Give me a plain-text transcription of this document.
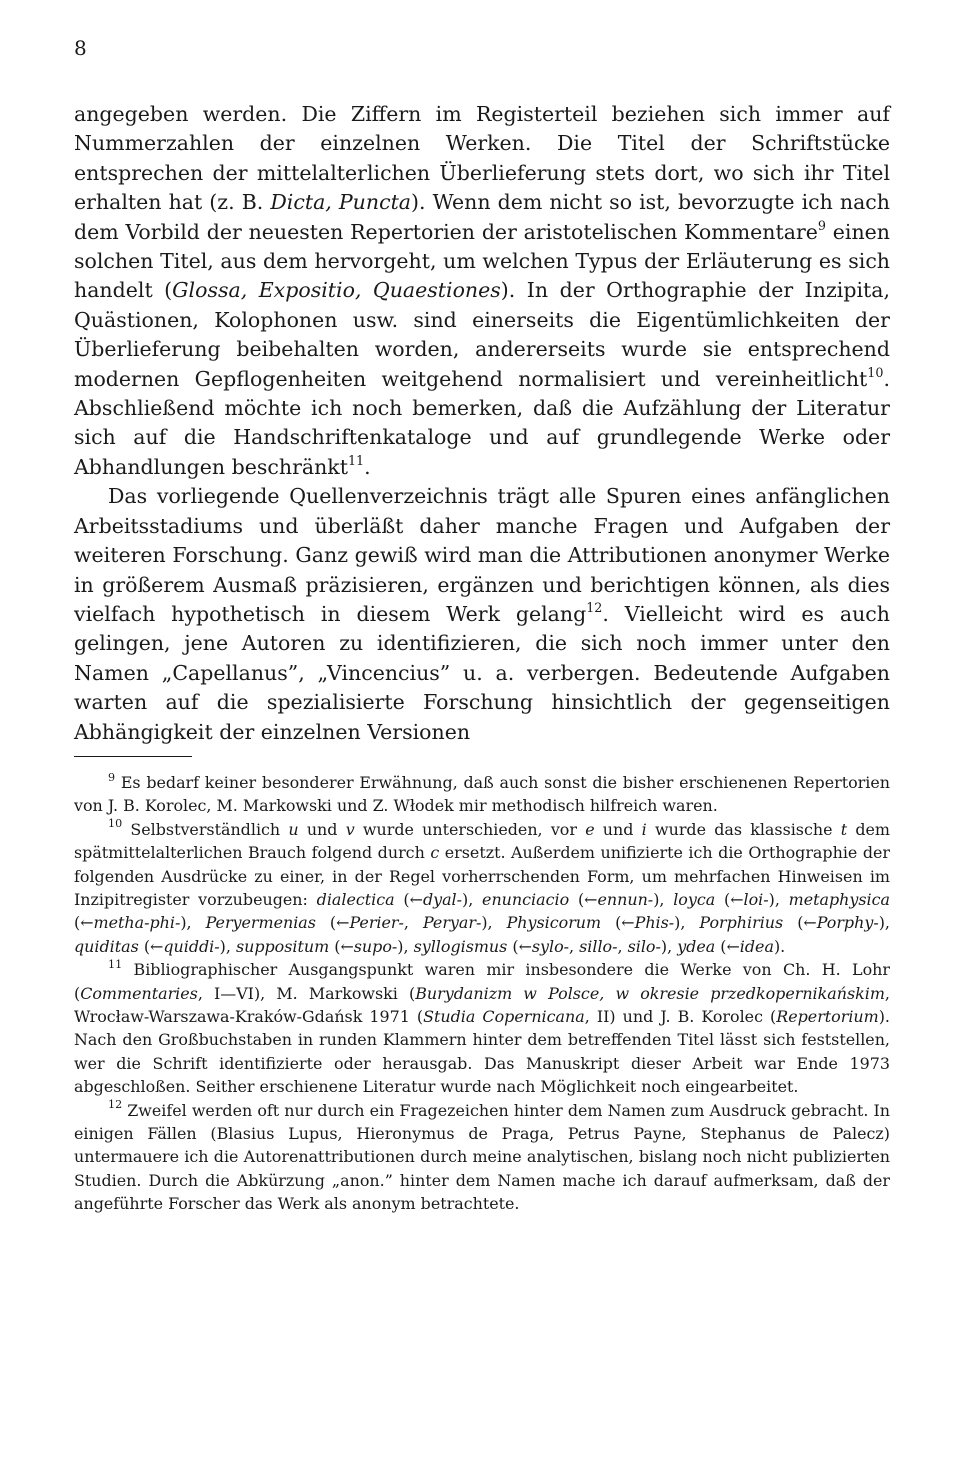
8

angegeben werden. Die Ziffern im Registerteil beziehen sich immer auf Nummerzahlen der einzelnen Werken. Die Titel der Schriftstücke entsprechen der mittelalterlichen Überlieferung stets dort, wo sich ihr Titel erhalten hat (z. B. Dicta, Puncta). Wenn dem nicht so ist, bevorzugte ich nach dem Vorbild der neuesten Repertorien der aristotelischen Kommentare$^9$ einen solchen Titel, aus dem hervorgeht, um welchen Typus der Erläuterung es sich handelt (Glossa, Expositio, Quaestiones). In der Orthographie der Inzipita, Quästionen, Kolophonen usw. sind einerseits die Eigentümlichkeiten der Überlieferung beibehalten worden, andererseits wurde sie entsprechend modernen Gepflogenheiten weitgehend normalisiert und vereinheitlicht$^{10}$. Abschließend möchte ich noch bemerken, daß die Aufzählung der Literatur sich auf die Handschriftenkataloge und auf grundlegende Werke oder Abhandlungen beschränkt$^{11}$.

Das vorliegende Quellenverzeichnis trägt alle Spuren eines anfänglichen Arbeitsstadiums und überläßt daher manche Fragen und Aufgaben der weiteren Forschung. Ganz gewiß wird man die Attributionen anonymer Werke in größerem Ausmaß präzisieren, ergänzen und berichtigen können, als dies vielfach hypothetisch in diesem Werk gelang$^{12}$. Vielleicht wird es auch gelingen, jene Autoren zu identifizieren, die sich noch immer unter den Namen „Capellanus”, „Vincencius” u. a. verbergen. Bedeutende Aufgaben warten auf die spezialisierte Forschung hinsichtlich der gegenseitigen Abhängigkeit der einzelnen Versionen

$^9$ Es bedarf keiner besonderer Erwähnung, daß auch sonst die bisher erschienenen Repertorien von J. B. Korolec, M. Markowski und Z. Włodek mir methodisch hilfreich waren.

$^{10}$ Selbstverständlich u und v wurde unterschieden, vor e und i wurde das klassische t dem spätmittelalterlichen Brauch folgend durch c ersetzt. Außerdem unifizierte ich die Orthographie der folgenden Ausdrücke zu einer, in der Regel vorherrschenden Form, um mehrfachen Hinweisen im Inzipitregister vorzubeugen: dialectica (←dyal-), enunciacio (←ennun-), loyca (←loi-), metaphysica (←metha-phi-), Peryermenias (←Perier-, Peryar-), Physicorum (←Phis-), Porphirius (←Porphy-), quiditas (←quiddi-), suppositum (←supo-), syllogismus (←sylo-, sillo-, silo-), ydea (←idea).

$^{11}$ Bibliographischer Ausgangspunkt waren mir insbesondere die Werke von Ch. H. Lohr (Commentaries, I—VI), M. Markowski (Burydanizm w Polsce, w okresie przedkopernikańskim, Wrocław-Warszawa-Kraków-Gdańsk 1971 (Studia Copernicana, II) und J. B. Korolec (Repertorium). Nach den Großbuchstaben in runden Klammern hinter dem betreffenden Titel lässt sich feststellen, wer die Schrift identifizierte oder herausgab. Das Manuskript dieser Arbeit war Ende 1973 abgeschloßen. Seither erschienene Literatur wurde nach Möglichkeit noch eingearbeitet.

$^{12}$ Zweifel werden oft nur durch ein Fragezeichen hinter dem Namen zum Ausdruck gebracht. In einigen Fällen (Blasius Lupus, Hieronymus de Praga, Petrus Payne, Stephanus de Palecz) untermauere ich die Autorenattributionen durch meine analytischen, bislang noch nicht publizierten Studien. Durch die Abkürzung „anon.” hinter dem Namen mache ich darauf aufmerksam, daß der angeführte Forscher das Werk als anonym betrachtete.
